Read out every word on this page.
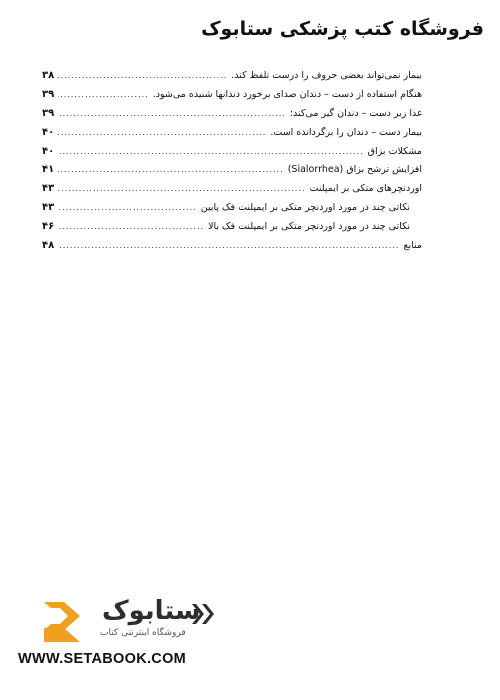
فروشگاه کتب پزشکی ستابوک
بیمار نمی‌تواند بعضی حروف را درست تلفظ کند.
.....
۳۸
هنگام استفاده از دست – دندان صدای برخورد دندانها شنیده می‌شود.
.....
۳۹
غذا زیر دست – دندان گیر می‌کند:
.....
۳۹
بیمار دست – دندان را برگردانده است.
.....
۴۰
مشکلات بزاق
.....
۴۰
افزایش ترشح بزاق (Sialorrhea)
.....
۴۱
اوردنچرهای متکی بر ایمپلنت
.....
۴۳
نکاتی چند در مورد اوردنچر متکی بر ایمپلنت فک پایین
.....
۴۳
نکاتی چند در مورد اوردنچر متکی بر ایمپلنت فک بالا
.....
۴۶
منابع
.....
۴۸
ستابوک
فروشگاه اینترنتی کتاب
WWW.SETABOOK.COM
